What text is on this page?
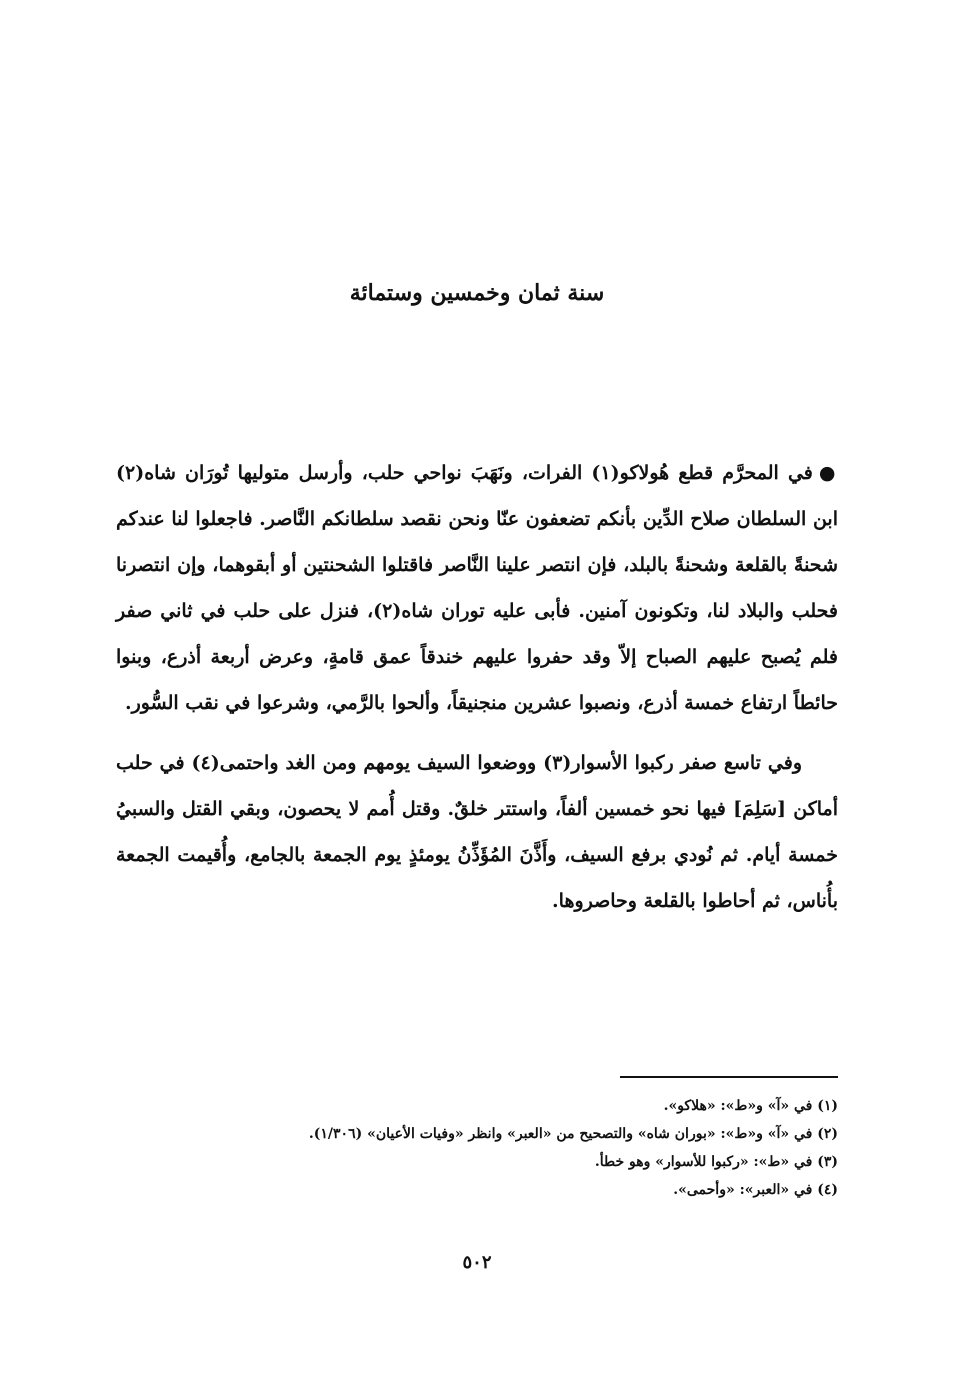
سنة ثمان وخمسين وستمائة

●في المحرَّم قطع هُولاكو(١) الفرات، ونَهَبَ نواحي حلب، وأرسل متوليها تُورَان شاه(٢) ابن السلطان صلاح الدِّين بأنكم تضعفون عنّا ونحن نقصد سلطانكم النَّاصر. فاجعلوا لنا عندكم شحنةً بالقلعة وشحنةً بالبلد، فإن انتصر علينا النَّاصر فاقتلوا الشحنتين أو أبقوهما، وإن انتصرنا فحلب والبلاد لنا، وتكونون آمنين. فأبى عليه توران شاه(٢)، فنزل على حلب في ثاني صفر فلم يُصبح عليهم الصباح إلاّ وقد حفروا عليهم خندقاً عمق قامةٍ، وعرض أربعة أذرع، وبنوا حائطاً ارتفاع خمسة أذرع، ونصبوا عشرين منجنيقاً، وألحوا بالرَّمي، وشرعوا في نقب السُّور.

وفي تاسع صفر ركبوا الأسوار(٣) ووضعوا السيف يومهم ومن الغد واحتمى(٤) في حلب أماكن [سَلِمَ] فيها نحو خمسين ألفاً، واستتر خلقٌ. وقتل أُمم لا يحصون، وبقي القتل والسبيُ خمسة أيام. ثم نُودي برفع السيف، وأَذَّنَ المُؤَذِّنُ يومئذٍ يوم الجمعة بالجامع، وأُقيمت الجمعة بأُناس، ثم أحاطوا بالقلعة وحاصروها.

(١) في «آ» و«ط»: «هلاكو».
(٢) في «آ» و«ط»: «بوران شاه» والتصحيح من «العبر» وانظر «وفيات الأعيان» (١/٣٠٦).
(٣) في «ط»: «ركبوا للأسوار» وهو خطأ.
(٤) في «العبر»: «وأحمى».
٥٠٢
